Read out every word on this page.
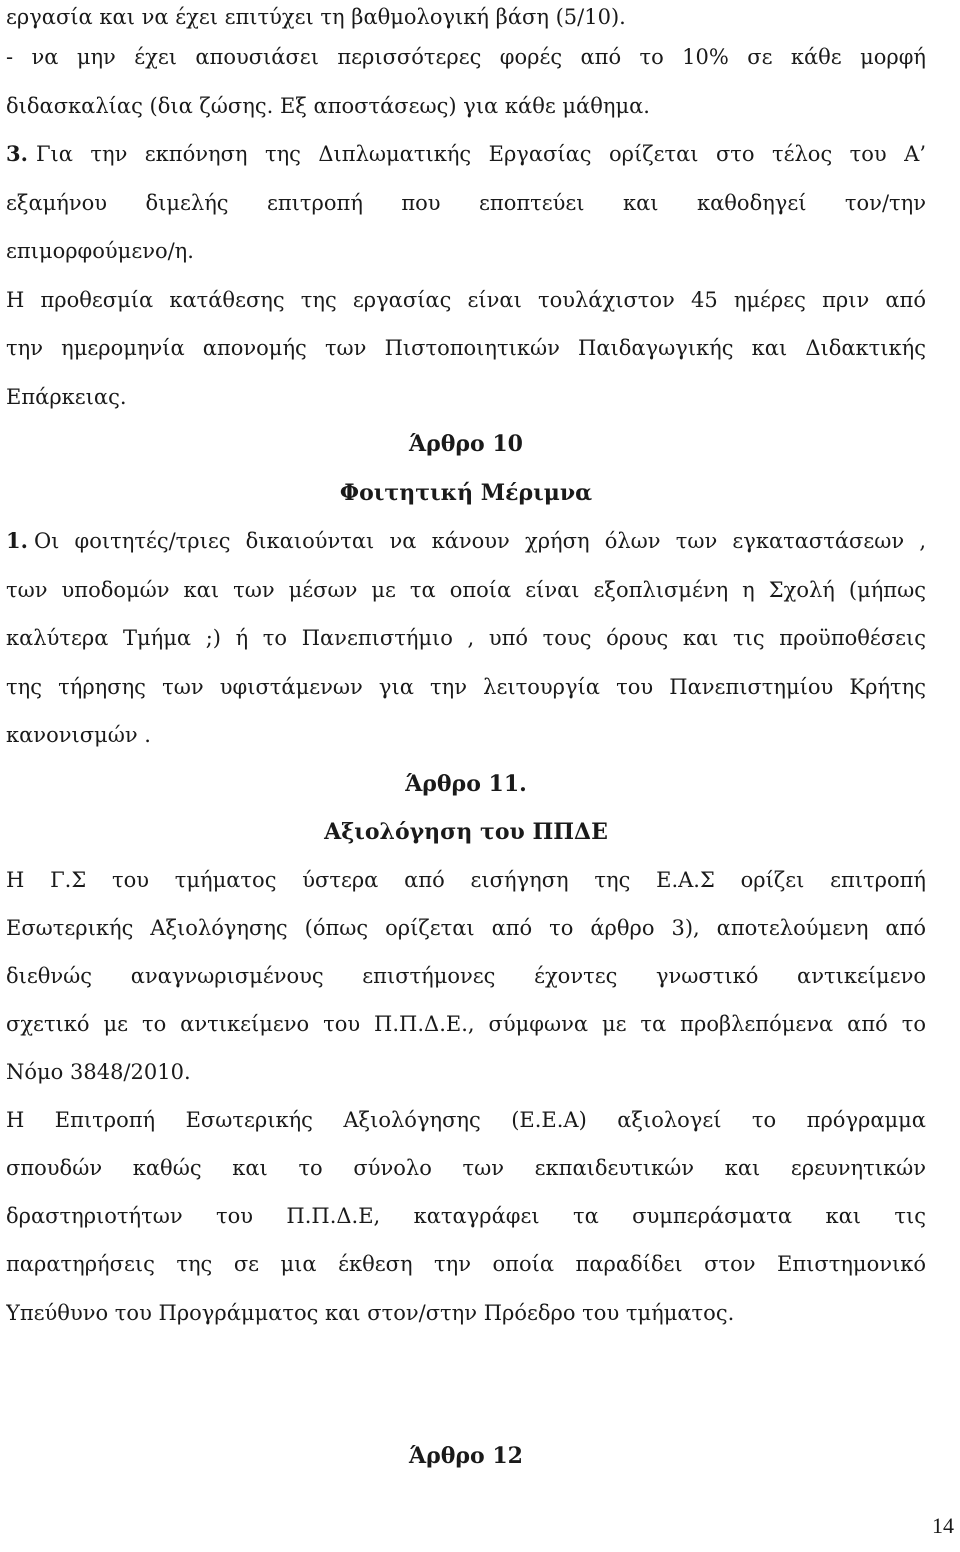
εργασία και να έχει επιτύχει τη βαθμολογική βάση (5/10).
- να μην έχει απουσιάσει περισσότερες φορές από το 10% σε κάθε μορφή
διδασκαλίας (δια ζώσης. Εξ αποστάσεως) για κάθε μάθημα.
3. Για την εκπόνηση της Διπλωματικής Εργασίας ορίζεται στο τέλος του Α’
εξαμήνου διμελής επιτροπή που εποπτεύει και καθοδηγεί τον/την
επιμορφούμενο/η.
Η προθεσμία κατάθεσης της εργασίας είναι τουλάχιστον 45 ημέρες πριν από
την ημερομηνία απονομής των Πιστοποιητικών Παιδαγωγικής και Διδακτικής
Επάρκειας.
Άρθρο 10
Φοιτητική Μέριμνα
1. Οι φοιτητές/τριες δικαιούνται να κάνουν χρήση όλων των εγκαταστάσεων ,
των υποδομών και των μέσων με τα οποία είναι εξοπλισμένη η Σχολή (μήπως
καλύτερα Τμήμα ;) ή το Πανεπιστήμιο , υπό τους όρους και τις προϋποθέσεις
της τήρησης των υφιστάμενων για την λειτουργία του Πανεπιστημίου Κρήτης
κανονισμών .
Άρθρο 11.
Αξιολόγηση του ΠΠΔΕ
Η Γ.Σ του τμήματος ύστερα από εισήγηση της Ε.Α.Σ ορίζει επιτροπή
Εσωτερικής Αξιολόγησης (όπως ορίζεται από το άρθρο 3), αποτελούμενη από
διεθνώς αναγνωρισμένους επιστήμονες έχοντες γνωστικό αντικείμενο
σχετικό με το αντικείμενο του Π.Π.Δ.Ε., σύμφωνα με τα προβλεπόμενα από το
Νόμο 3848/2010.
Η Επιτροπή Εσωτερικής Αξιολόγησης (Ε.Ε.Α) αξιολογεί το πρόγραμμα
σπουδών καθώς και το σύνολο των εκπαιδευτικών και ερευνητικών
δραστηριοτήτων του Π.Π.Δ.Ε, καταγράφει τα συμπεράσματα και τις
παρατηρήσεις της σε μια έκθεση την οποία παραδίδει στον Επιστημονικό
Υπεύθυνο του Προγράμματος και στον/στην Πρόεδρο του τμήματος.
Άρθρο 12
14
